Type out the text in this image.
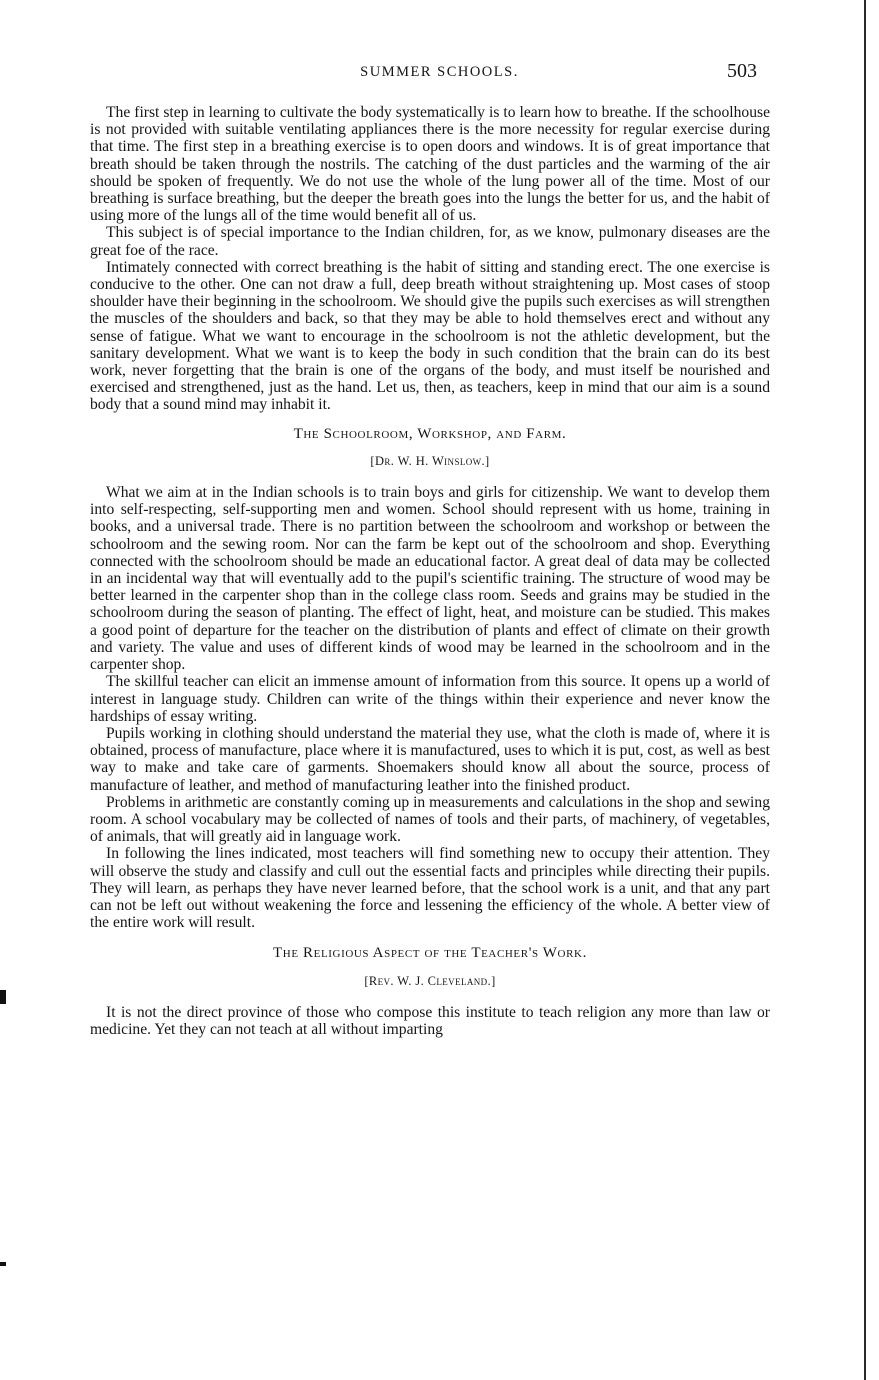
SUMMER SCHOOLS.	503

The first step in learning to cultivate the body systematically is to learn how to breathe. If the schoolhouse is not provided with suitable ventilating appliances there is the more necessity for regular exercise during that time. The first step in a breathing exercise is to open doors and windows. It is of great importance that breath should be taken through the nostrils. The catching of the dust particles and the warming of the air should be spoken of frequently. We do not use the whole of the lung power all of the time. Most of our breathing is surface breathing, but the deeper the breath goes into the lungs the better for us, and the habit of using more of the lungs all of the time would benefit all of us.

This subject is of special importance to the Indian children, for, as we know, pulmonary diseases are the great foe of the race.

Intimately connected with correct breathing is the habit of sitting and standing erect. The one exercise is conducive to the other. One can not draw a full, deep breath without straightening up. Most cases of stoop shoulder have their beginning in the schoolroom. We should give the pupils such exercises as will strengthen the muscles of the shoulders and back, so that they may be able to hold themselves erect and without any sense of fatigue. What we want to encourage in the schoolroom is not the athletic development, but the sanitary development. What we want is to keep the body in such condition that the brain can do its best work, never forgetting that the brain is one of the organs of the body, and must itself be nourished and exercised and strengthened, just as the hand. Let us, then, as teachers, keep in mind that our aim is a sound body that a sound mind may inhabit it.

The Schoolroom, Workshop, and Farm.
[Dr. W. H. Winslow.]

What we aim at in the Indian schools is to train boys and girls for citizenship. We want to develop them into self-respecting, self-supporting men and women. School should represent with us home, training in books, and a universal trade. There is no partition between the schoolroom and workshop or between the schoolroom and the sewing room. Nor can the farm be kept out of the schoolroom and shop. Everything connected with the schoolroom should be made an educational factor. A great deal of data may be collected in an incidental way that will eventually add to the pupil's scientific training. The structure of wood may be better learned in the carpenter shop than in the college class room. Seeds and grains may be studied in the schoolroom during the season of planting. The effect of light, heat, and moisture can be studied. This makes a good point of departure for the teacher on the distribution of plants and effect of climate on their growth and variety. The value and uses of different kinds of wood may be learned in the schoolroom and in the carpenter shop.

The skillful teacher can elicit an immense amount of information from this source. It opens up a world of interest in language study. Children can write of the things within their experience and never know the hardships of essay writing.

Pupils working in clothing should understand the material they use, what the cloth is made of, where it is obtained, process of manufacture, place where it is manufactured, uses to which it is put, cost, as well as best way to make and take care of garments. Shoemakers should know all about the source, process of manufacture of leather, and method of manufacturing leather into the finished product.

Problems in arithmetic are constantly coming up in measurements and calculations in the shop and sewing room. A school vocabulary may be collected of names of tools and their parts, of machinery, of vegetables, of animals, that will greatly aid in language work.

In following the lines indicated, most teachers will find something new to occupy their attention. They will observe the study and classify and cull out the essential facts and principles while directing their pupils. They will learn, as perhaps they have never learned before, that the school work is a unit, and that any part can not be left out without weakening the force and lessening the efficiency of the whole. A better view of the entire work will result.

The Religious Aspect of the Teacher's Work.
[Rev. W. J. Cleveland.]

It is not the direct province of those who compose this institute to teach religion any more than law or medicine. Yet they can not teach at all without imparting
